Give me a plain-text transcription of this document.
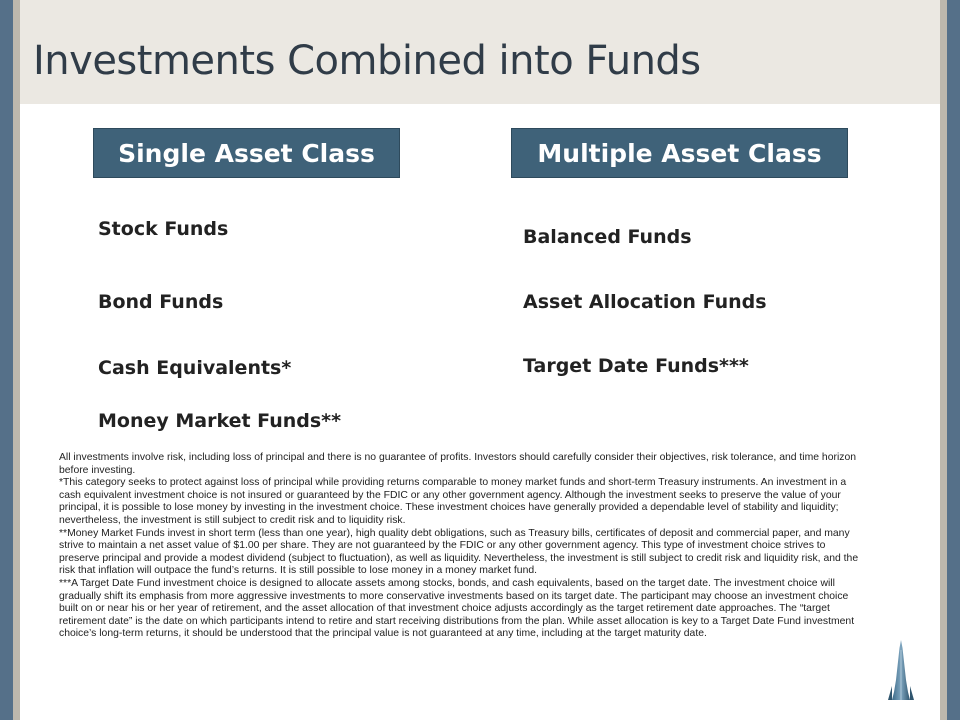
Investments Combined into Funds
Single Asset Class	Multiple Asset Class
Stock Funds
Bond Funds
Cash Equivalents*
Money Market Funds**
Balanced Funds
Asset Allocation Funds
Target Date Funds***

All investments involve risk, including loss of principal and there is no guarantee of profits. Investors should carefully consider their objectives, risk tolerance, and time horizon before investing.

*This category seeks to protect against loss of principal while providing returns comparable to money market funds and short-term Treasury instruments. An investment in a cash equivalent investment choice is not insured or guaranteed by the FDIC or any other government agency. Although the investment seeks to preserve the value of your principal, it is possible to lose money by investing in the investment choice. These investment choices have generally provided a dependable level of stability and liquidity; nevertheless, the investment is still subject to credit risk and to liquidity risk.

**Money Market Funds invest in short term (less than one year), high quality debt obligations, such as Treasury bills, certificates of deposit and commercial paper, and many strive to maintain a net asset value of $1.00 per share. They are not guaranteed by the FDIC or any other government agency. This type of investment choice strives to preserve principal and provide a modest dividend (subject to fluctuation), as well as liquidity. Nevertheless, the investment is still subject to credit risk and liquidity risk, and the risk that inflation will outpace the fund’s returns. It is still possible to lose money in a money market fund.

***A Target Date Fund investment choice is designed to allocate assets among stocks, bonds, and cash equivalents, based on the target date. The investment choice will gradually shift its emphasis from more aggressive investments to more conservative investments based on its target date. The participant may choose an investment choice built on or near his or her year of retirement, and the asset allocation of that investment choice adjusts accordingly as the target retirement date approaches. The “target retirement date” is the date on which participants intend to retire and start receiving distributions from the plan. While asset allocation is key to a Target Date Fund investment choice’s long-term returns, it should be understood that the principal value is not guaranteed at any time, including at the target maturity date.
